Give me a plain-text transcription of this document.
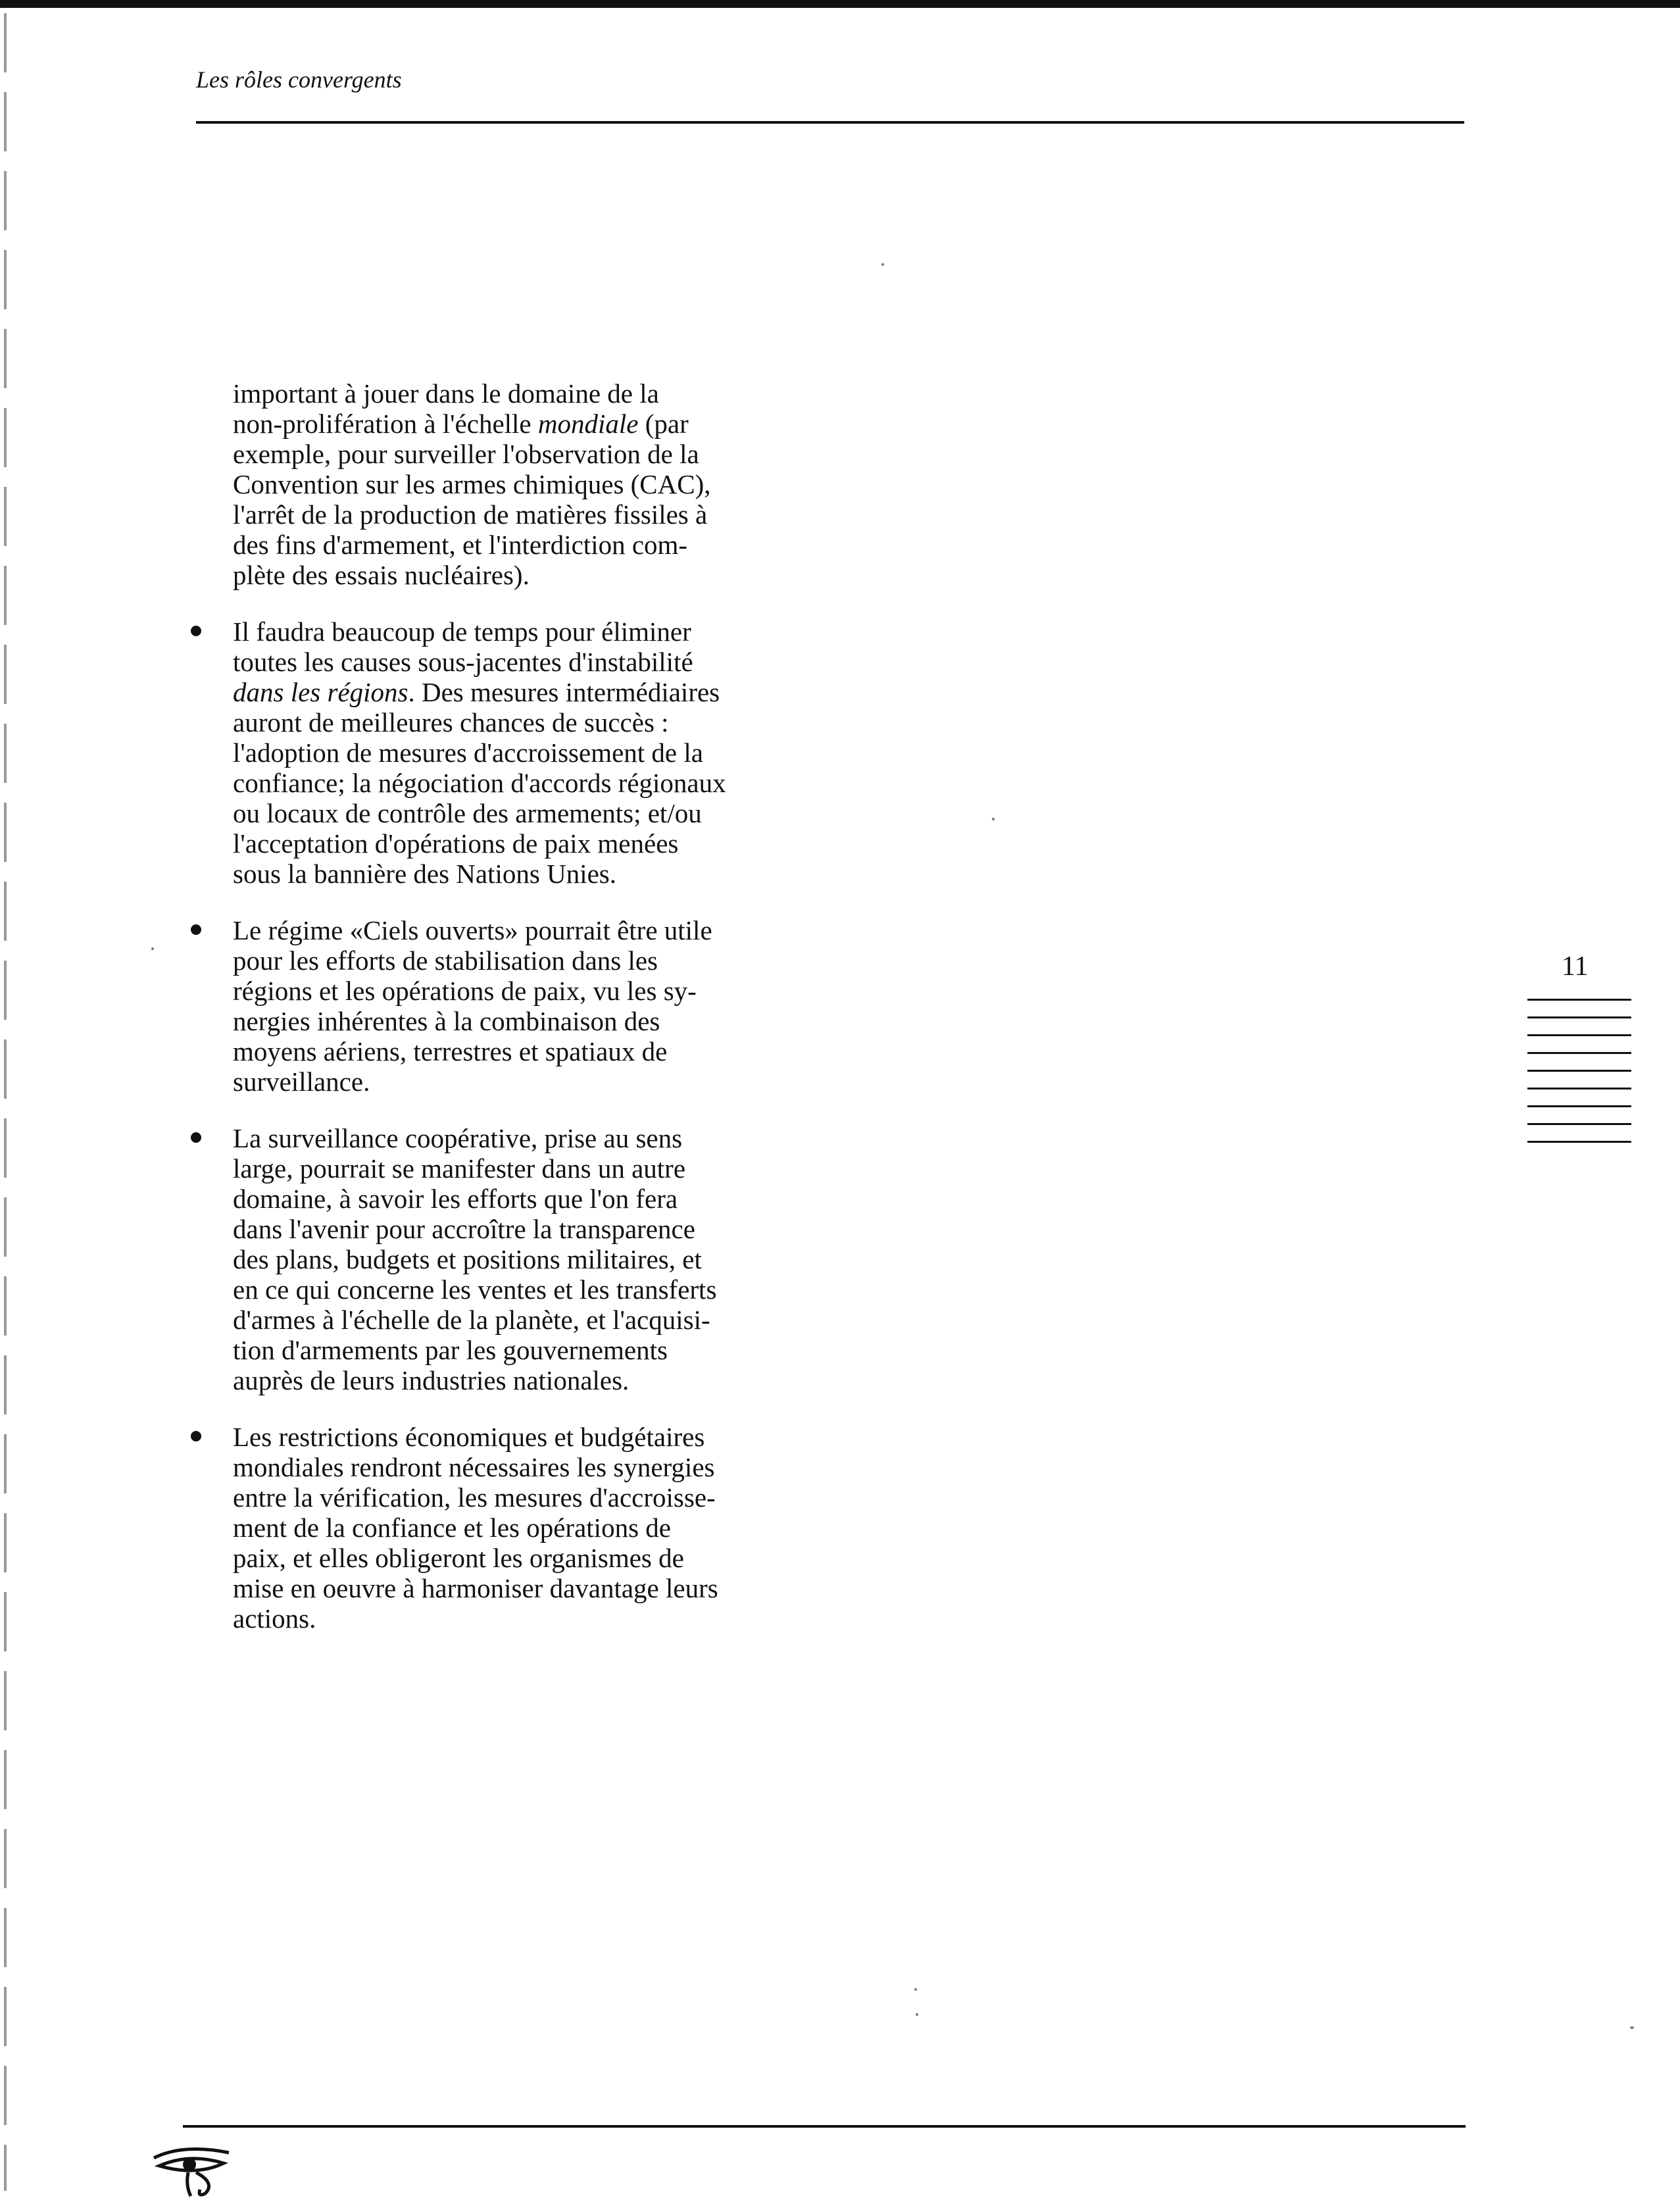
Les rôles convergents

important à jouer dans le domaine de la
non-prolifération à l'échelle mondiale (par
exemple, pour surveiller l'observation de la
Convention sur les armes chimiques (CAC),
l'arrêt de la production de matières fissiles à
des fins d'armement, et l'interdiction com-
plète des essais nucléaires).

Il faudra beaucoup de temps pour éliminer
toutes les causes sous-jacentes d'instabilité
dans les régions. Des mesures intermédiaires
auront de meilleures chances de succès :
l'adoption de mesures d'accroissement de la
confiance; la négociation d'accords régionaux
ou locaux de contrôle des armements; et/ou
l'acceptation d'opérations de paix menées
sous la bannière des Nations Unies.
Le régime «Ciels ouverts» pourrait être utile
pour les efforts de stabilisation dans les
régions et les opérations de paix, vu les sy-
nergies inhérentes à la combinaison des
moyens aériens, terrestres et spatiaux de
surveillance.
La surveillance coopérative, prise au sens
large, pourrait se manifester dans un autre
domaine, à savoir les efforts que l'on fera
dans l'avenir pour accroître la transparence
des plans, budgets et positions militaires, et
en ce qui concerne les ventes et les transferts
d'armes à l'échelle de la planète, et l'acquisi-
tion d'armements par les gouvernements
auprès de leurs industries nationales.
Les restrictions économiques et budgétaires
mondiales rendront nécessaires les synergies
entre la vérification, les mesures d'accroisse-
ment de la confiance et les opérations de
paix, et elles obligeront les organismes de
mise en oeuvre à harmoniser davantage leurs
actions.

11
